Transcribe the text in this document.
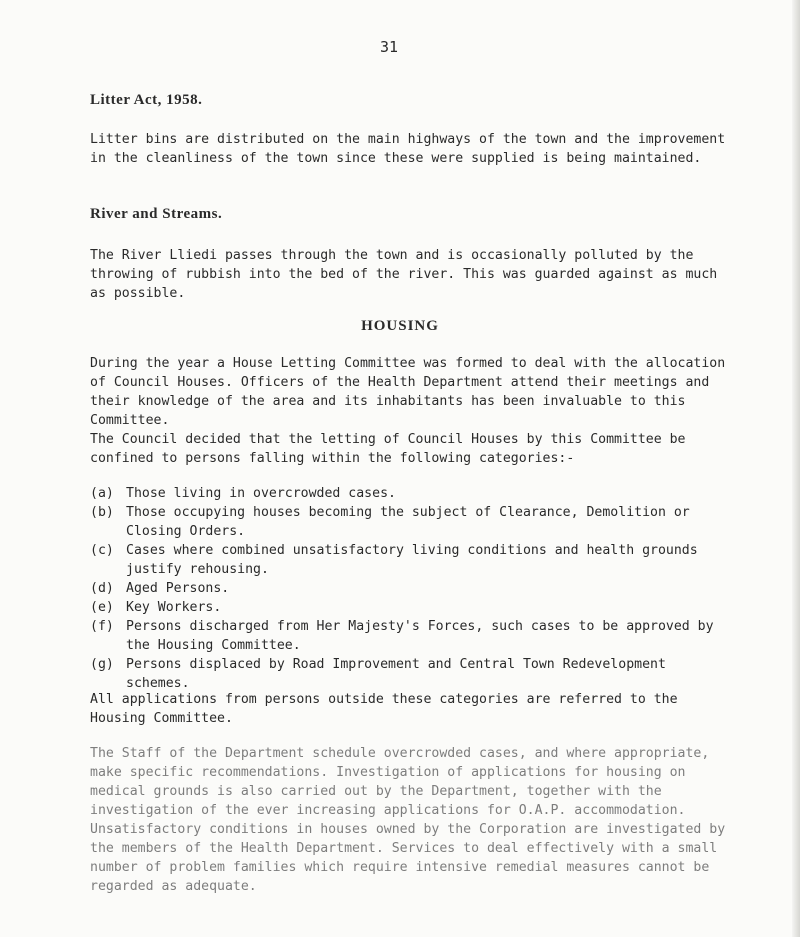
31
Litter Act, 1958.
Litter bins are distributed on the main highways of the town and the improvement in the cleanliness of the town since these were supplied is being maintained.
River and Streams.
The River Lliedi passes through the town and is occasionally polluted by the throwing of rubbish into the bed of the river. This was guarded against as much as possible.
HOUSING
During the year a House Letting Committee was formed to deal with the allocation of Council Houses. Officers of the Health Department attend their meetings and their knowledge of the area and its inhabitants has been invaluable to this Committee.
The Council decided that the letting of Council Houses by this Committee be confined to persons falling within the following categories:-
(a) Those living in overcrowded cases.
(b) Those occupying houses becoming the subject of Clearance, Demolition or Closing Orders.
(c) Cases where combined unsatisfactory living conditions and health grounds justify rehousing.
(d) Aged Persons.
(e) Key Workers.
(f) Persons discharged from Her Majesty's Forces, such cases to be approved by the Housing Committee.
(g) Persons displaced by Road Improvement and Central Town Redevelopment schemes.
All applications from persons outside these categories are referred to the Housing Committee.
The Staff of the Department schedule overcrowded cases, and where appropriate, make specific recommendations. Investigation of applications for housing on medical grounds is also carried out by the Department, together with the investigation of the ever increasing applications for O.A.P. accommodation. Unsatisfactory conditions in houses owned by the Corporation are investigated by the members of the Health Department. Services to deal effectively with a small number of problem families which require intensive remedial measures cannot be regarded as adequate.
